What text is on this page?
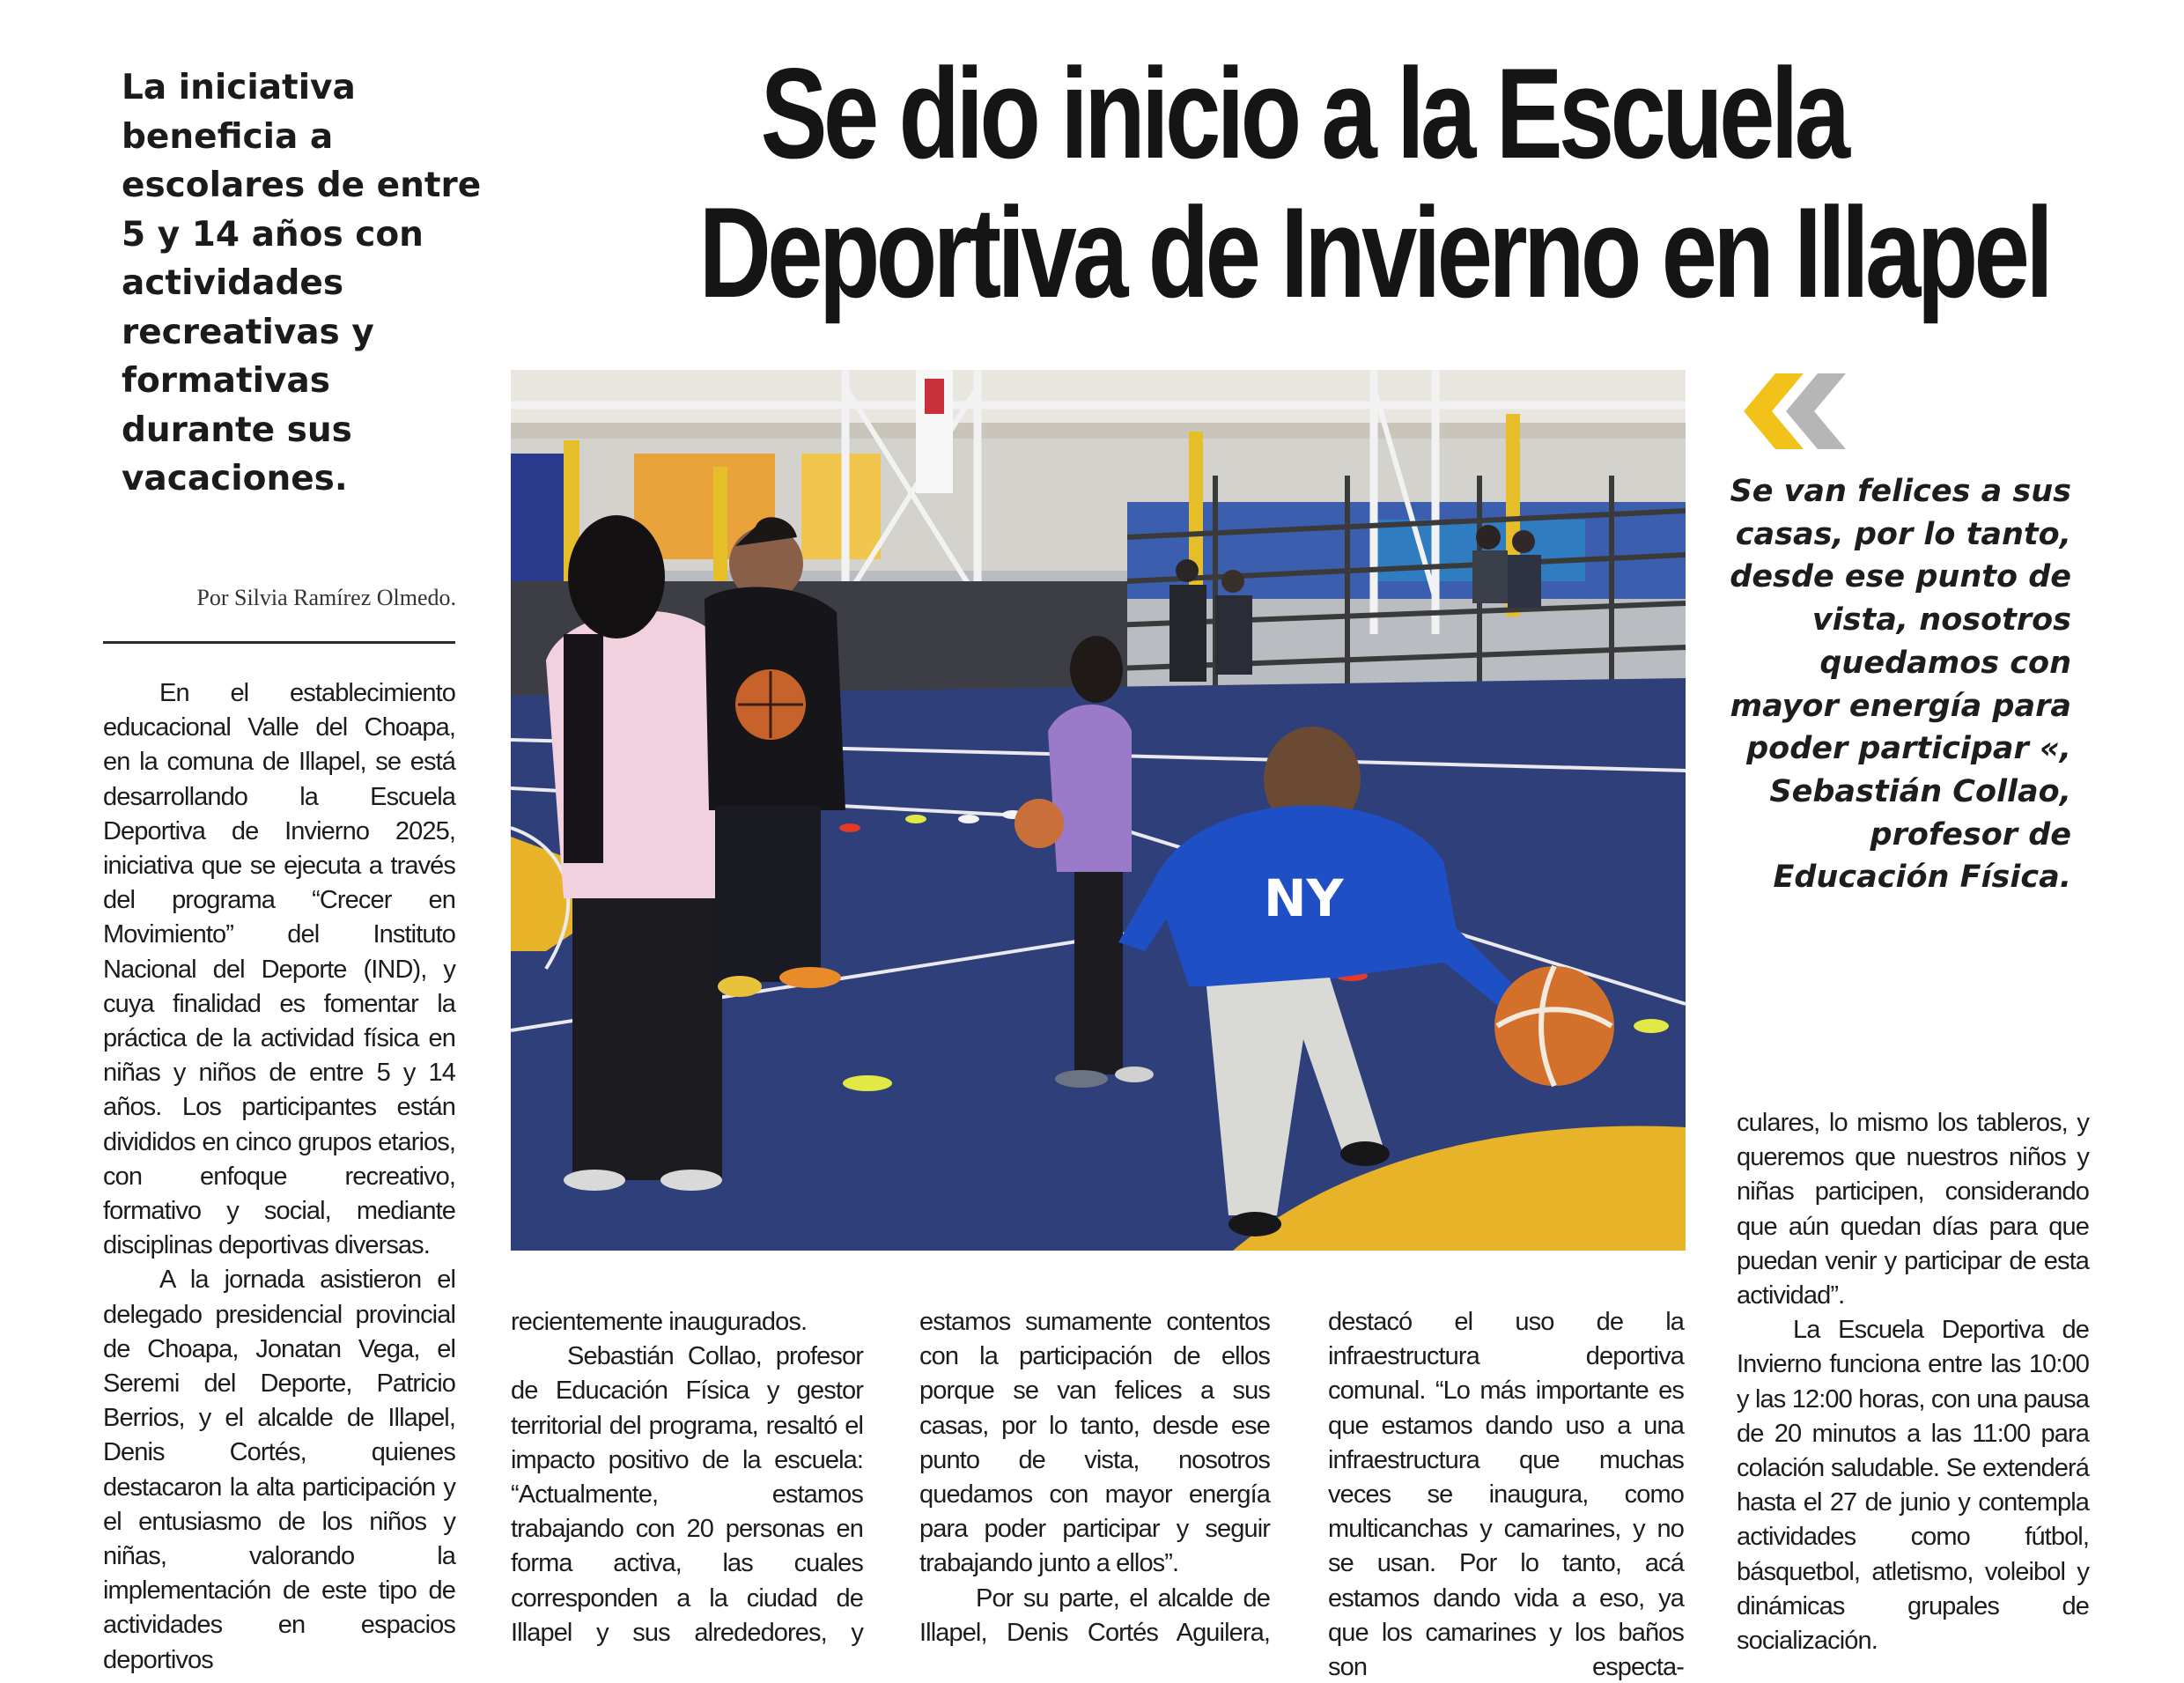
La iniciativa beneficia a escolares de entre 5 y 14 años con actividades recreativas y formativas durante sus vacaciones.
Se dio inicio a la Escuela
Deportiva de Invierno en Illapel
Por Silvia Ramírez Olmedo.

En el establecimiento educacional Valle del Choapa, en la comuna de Illapel, se está desarrollando la Escuela Deportiva de Invierno 2025, iniciativa que se ejecuta a través del programa “Crecer en Movimiento” del Instituto Nacional del Deporte (IND), y cuya finalidad es fomentar la práctica de la actividad física en niñas y niños de entre 5 y 14 años. Los participantes están divididos en cinco grupos etarios, con enfoque recreativo, formativo y social, mediante disciplinas deportivas diversas.

A la jornada asistieron el delegado presidencial provincial de Choapa, Jonatan Vega, el Seremi del Deporte, Patricio Berrios, y el alcalde de Illapel, Denis Cortés, quienes destacaron la alta participación y el entusiasmo de los niños y niñas, valorando la implementación de este tipo de actividades en espacios deportivos

NY
Se van felices a sus casas, por lo tanto, desde ese punto de vista, nosotros quedamos con mayor energía para poder participar «,
Sebastián Collao, profesor de Educación Física.

recientemente inaugurados.

Sebastián Collao, profesor de Educación Física y gestor territorial del programa, resaltó el impacto positivo de la escuela: “Actualmente, estamos trabajando con 20 personas en forma activa, las cuales corresponden a la ciudad de Illapel y sus alrededores, y

estamos sumamente contentos con la participación de ellos porque se van felices a sus casas, por lo tanto, desde ese punto de vista, nosotros quedamos con mayor energía para poder participar y seguir trabajando junto a ellos”.

Por su parte, el alcalde de Illapel, Denis Cortés Aguilera,

destacó el uso de la infraestructura deportiva comunal. “Lo más importante es que estamos dando uso a una infraestructura que muchas veces se inaugura, como multicanchas y camarines, y no se usan. Por lo tanto, acá estamos dando vida a eso, ya que los camarines y los baños son especta-

culares, lo mismo los tableros, y queremos que nuestros niños y niñas participen, considerando que aún quedan días para que puedan venir y participar de esta actividad”.

La Escuela Deportiva de Invierno funciona entre las 10:00 y las 12:00 horas, con una pausa de 20 minutos a las 11:00 para colación saludable. Se extenderá hasta el 27 de junio y contempla actividades como fútbol, básquetbol, atletismo, voleibol y dinámicas grupales de socialización.
